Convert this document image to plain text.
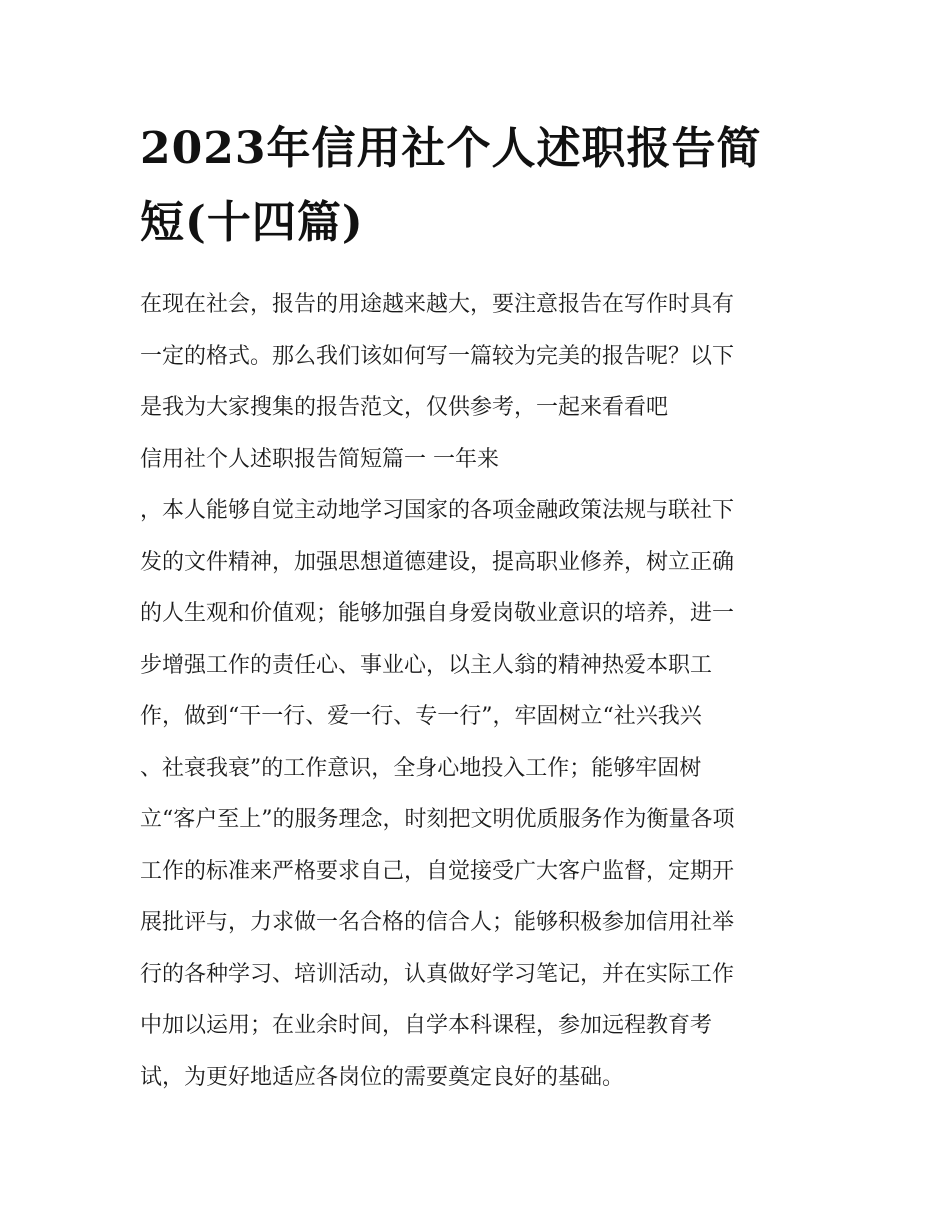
2023年信用社个人述职报告简
短(十四篇)
在现在社会，报告的用途越来越大，要注意报告在写作时具有
一定的格式。那么我们该如何写一篇较为完美的报告呢？以下
是我为大家搜集的报告范文，仅供参考，一起来看看吧
信用社个人述职报告简短篇一 一年来
，本人能够自觉主动地学习国家的各项金融政策法规与联社下
发的文件精神，加强思想道德建设，提高职业修养，树立正确
的人生观和价值观；能够加强自身爱岗敬业意识的培养，进一
步增强工作的责任心、事业心，以主人翁的精神热爱本职工
作，做到“干一行、爱一行、专一行”，牢固树立“社兴我兴
、社衰我衰”的工作意识，全身心地投入工作；能够牢固树
立“客户至上”的服务理念，时刻把文明优质服务作为衡量各项
工作的标准来严格要求自己，自觉接受广大客户监督，定期开
展批评与，力求做一名合格的信合人；能够积极参加信用社举
行的各种学习、培训活动，认真做好学习笔记，并在实际工作
中加以运用；在业余时间，自学本科课程，参加远程教育考
试，为更好地适应各岗位的需要奠定良好的基础。
